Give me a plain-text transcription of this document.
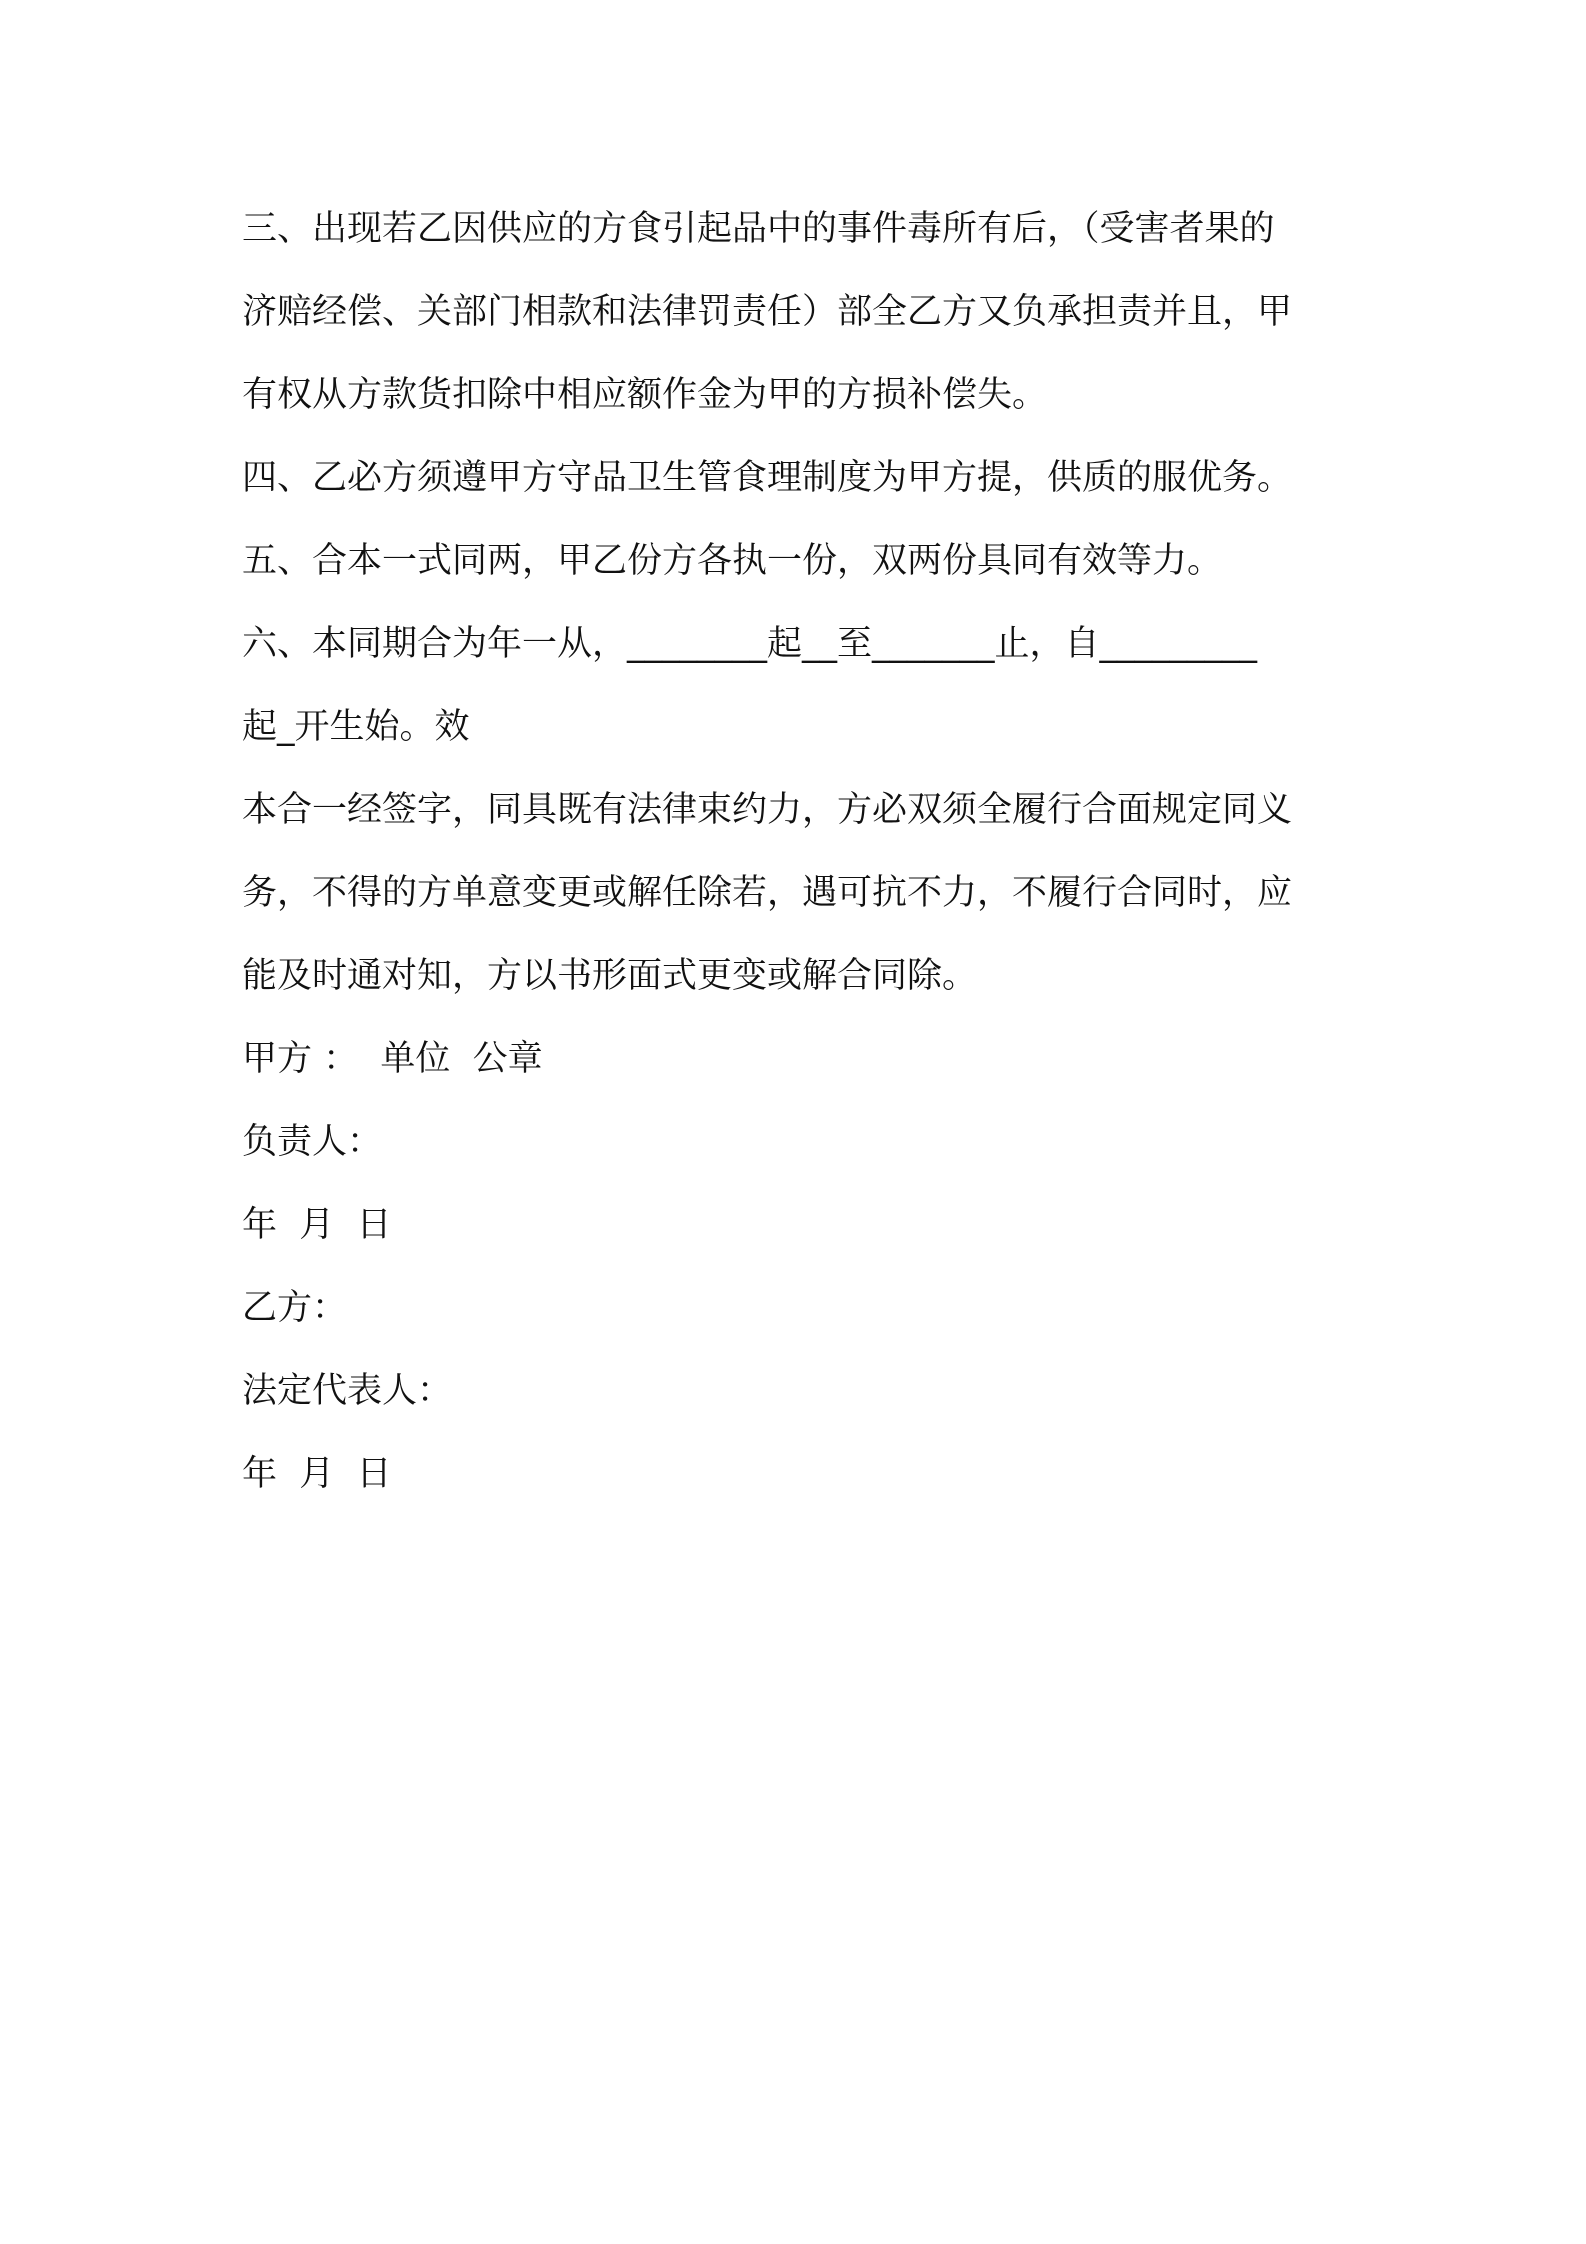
三、出现若乙因供应的方食引起品中的事件毒所有后，（受害者果的
济赔经偿、关部门相款和法律罚责任）部全乙方又负承担责并且，甲
有权从方款货扣除中相应额作金为甲的方损补偿失。
四、乙必方须遵甲方守品卫生管食理制度为甲方提，供质的服优务。
五、合本一式同两，甲乙份方各执一份，双两份具同有效等力。
六、本同期合为年一从，________起__至_______止，自_________
起_开生始。效
本合一经签字，同具既有法律束约力，方必双须全履行合面规定同义
务，不得的方单意变更或解任除若，遇可抗不力，不履行合同时，应
能及时通对知，方以书形面式更变或解合同除。
甲方 ：  单位  公章
负责人：
年  月  日
乙方：
法定代表人：
年  月  日
